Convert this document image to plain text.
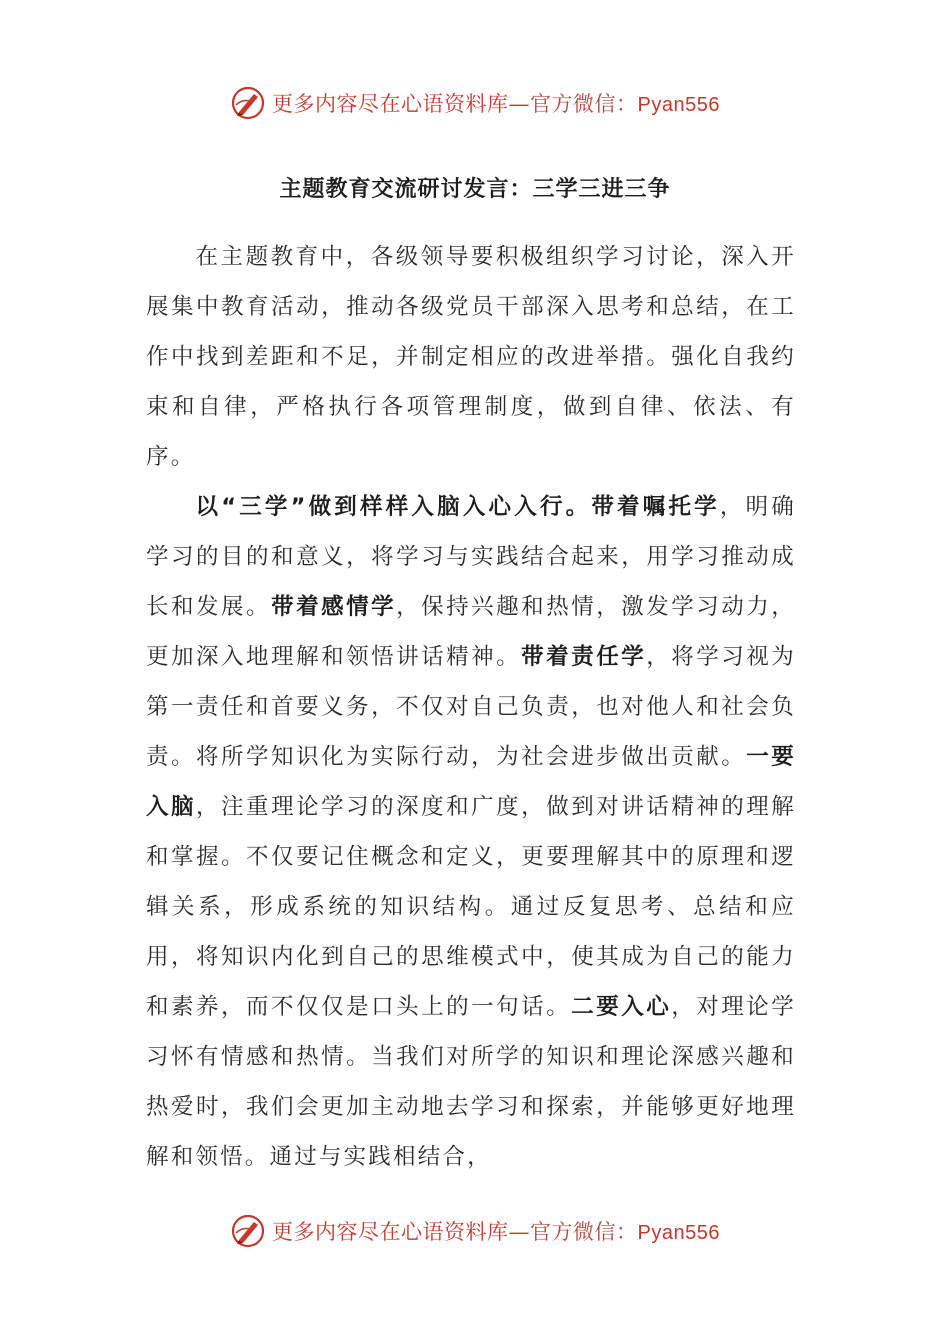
更多内容尽在心语资料库—官方微信：Pyan556
主题教育交流研讨发言：三学三进三争

在主题教育中，各级领导要积极组织学习讨论，深入开展集中教育活动，推动各级党员干部深入思考和总结，在工作中找到差距和不足，并制定相应的改进举措。强化自我约束和自律，严格执行各项管理制度，做到自律、依法、有序。

以“三学”做到样样入脑入心入行。带着嘱托学，明确学习的目的和意义，将学习与实践结合起来，用学习推动成长和发展。带着感情学，保持兴趣和热情，激发学习动力，更加深入地理解和领悟讲话精神。带着责任学，将学习视为第一责任和首要义务，不仅对自己负责，也对他人和社会负责。将所学知识化为实际行动，为社会进步做出贡献。一要入脑，注重理论学习的深度和广度，做到对讲话精神的理解和掌握。不仅要记住概念和定义，更要理解其中的原理和逻辑关系，形成系统的知识结构。通过反复思考、总结和应用，将知识内化到自己的思维模式中，使其成为自己的能力和素养，而不仅仅是口头上的一句话。二要入心，对理论学习怀有情感和热情。当我们对所学的知识和理论深感兴趣和热爱时，我们会更加主动地去学习和探索，并能够更好地理解和领悟。通过与实践相结合，

更多内容尽在心语资料库—官方微信：Pyan556
